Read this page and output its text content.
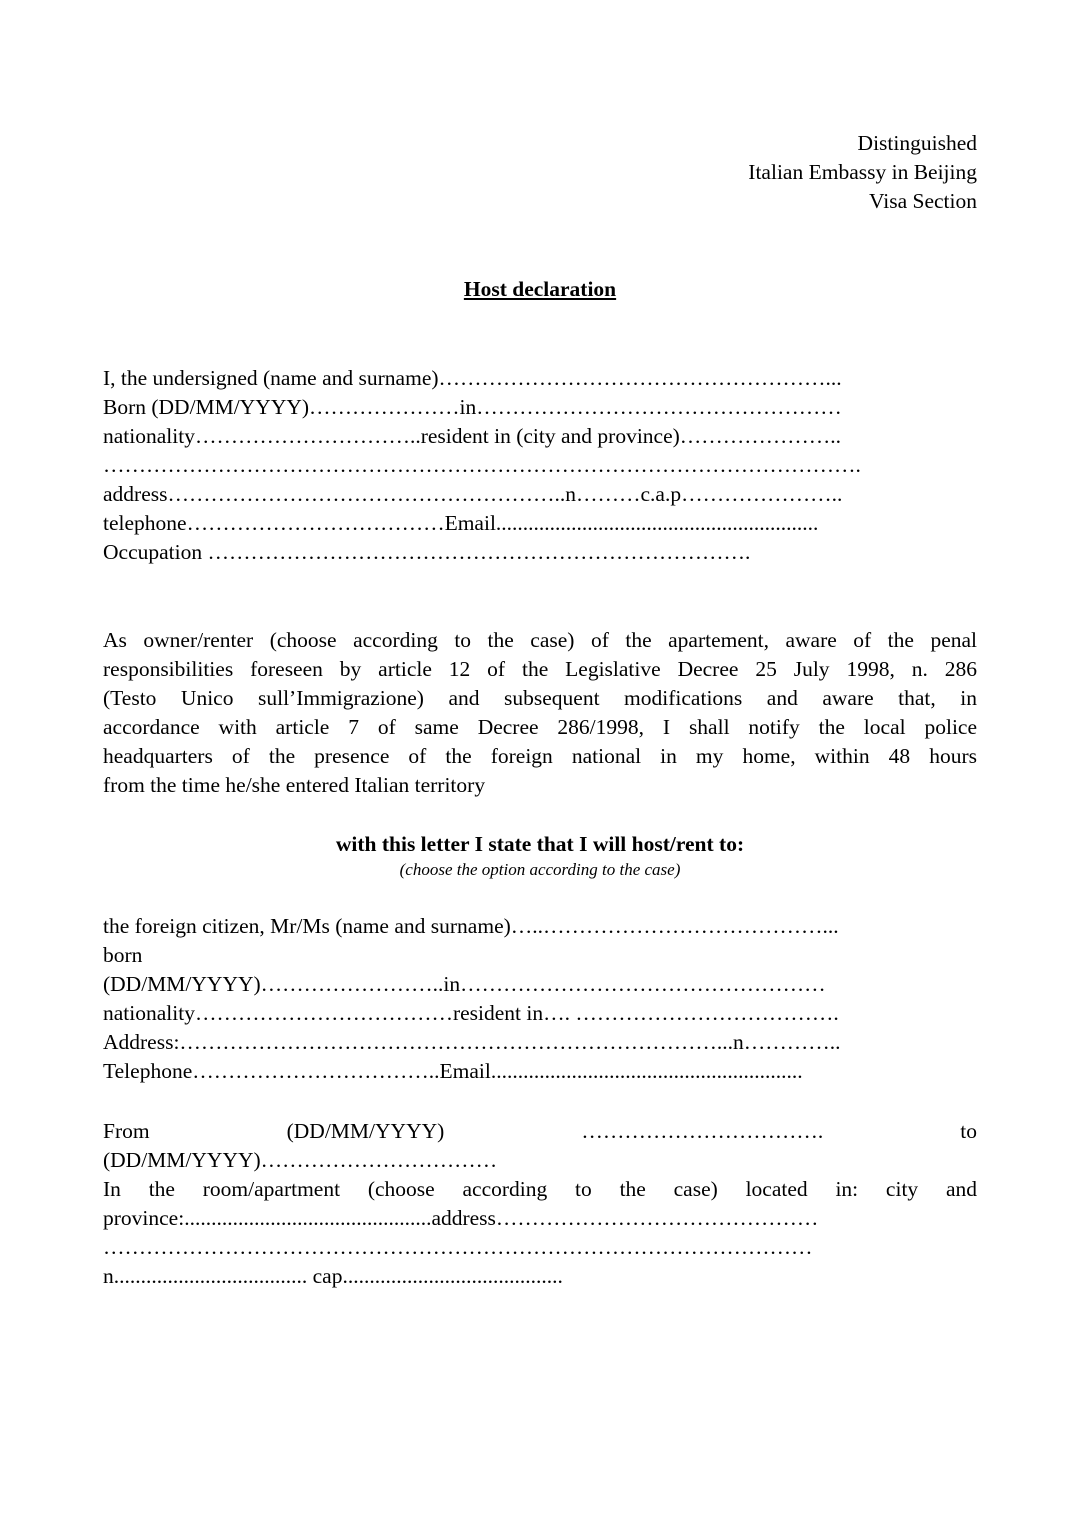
Distinguished
Italian Embassy in Beijing
Visa Section
Host declaration
I, the undersigned (name and surname)………………………………………………...
Born (DD/MM/YYYY)…………………in……………………………………………
nationality…………………………..resident in (city and province)…………………..
…………………………………………………………………………………………….
address………………………………………………..n………c.a.p…………………..
telephone………………………………Email............................................................
Occupation ………………………………………………………………….
As owner/renter (choose according to the case) of the apartement, aware of the penal
responsibilities foreseen by article 12 of the Legislative Decree 25 July 1998, n. 286
(Testo Unico sull’Immigrazione) and subsequent modifications and aware that, in
accordance with article 7 of same Decree 286/1998, I shall notify the local police
headquarters of the presence of the foreign national in my home, within 48 hours
from the time he/she entered Italian territory
with this letter I state that I will host/rent to:
(choose the option according to the case)
the foreign citizen, Mr/Ms (name and surname)…..…………………………………...
born
(DD/MM/YYYY)……………………..in……………………………………………
nationality………………………………resident in…. ……………………………….
Address:…………………………………………………………………...n…………..
Telephone……………………………..Email..........................................................
From	(DD/MM/YYYY)	…………………………….	to
(DD/MM/YYYY)……………………………
In the room/apartment (choose according to the case) located in: city and
province:..............................................address………………………………………
………………………………………………………………………………………
n.................................... cap.........................................
